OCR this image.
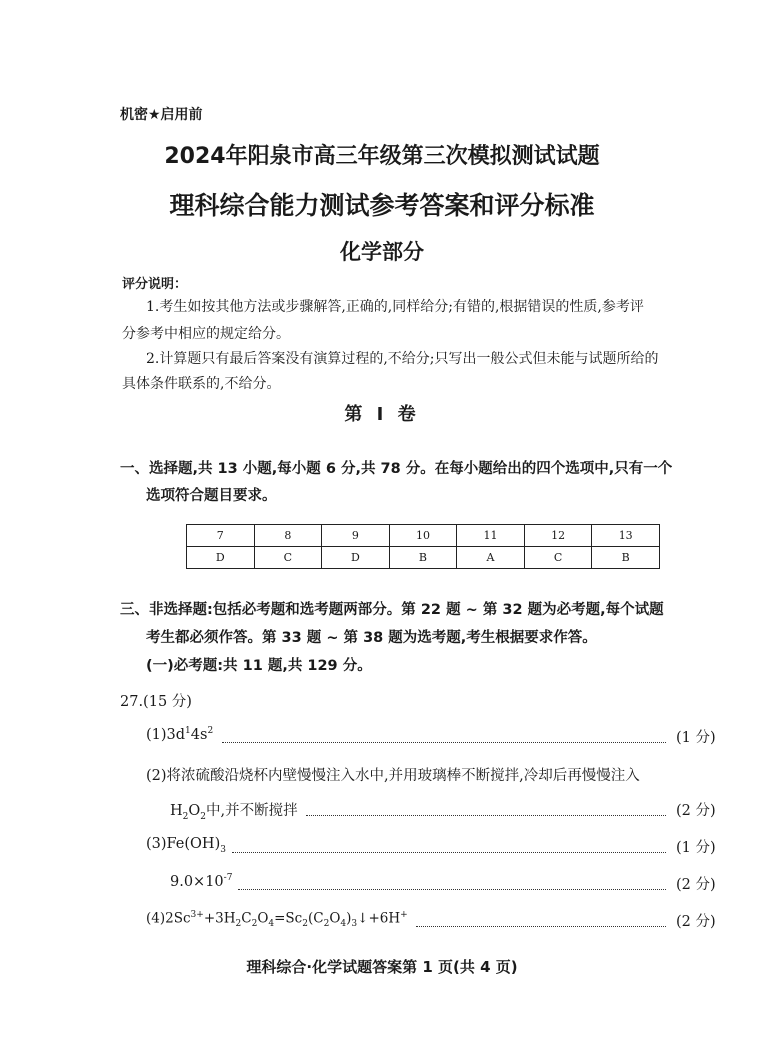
机密★启用前
2024年阳泉市高三年级第三次模拟测试试题
理科综合能力测试参考答案和评分标准
化学部分
评分说明：
1.考生如按其他方法或步骤解答,正确的,同样给分;有错的,根据错误的性质,参考评
分参考中相应的规定给分。
2.计算题只有最后答案没有演算过程的,不给分;只写出一般公式但未能与试题所给的
具体条件联系的,不给分。
第 I 卷
一、选择题,共 13 小题,每小题 6 分,共 78 分。在每小题给出的四个选项中,只有一个
选项符合题目要求。
7	8	9	10	11	12	13
D	C	D	B	A	C	B
三、非选择题:包括必考题和选考题两部分。第 22 题 ~ 第 32 题为必考题,每个试题
考生都必须作答。第 33 题 ~ 第 38 题为选考题,考生根据要求作答。
(一)必考题:共 11 题,共 129 分。
27.(15 分)
$(1)3d^14s^2$	(1 分)
(2)将浓硫酸沿烧杯内壁慢慢注入水中,并用玻璃棒不断搅拌,冷却后再慢慢注入
$H_2O_2$中,并不断搅拌	(2 分)
$(3)Fe(OH)_3$	(1 分)
$9.0\times 10^{-7}$	(2 分)
$(4)2Sc^{3+}+3H_2C_2O_4=Sc_2(C_2O_4)_3↓+6H^+$	(2 分)
理科综合·化学试题答案第 1 页(共 4 页)
